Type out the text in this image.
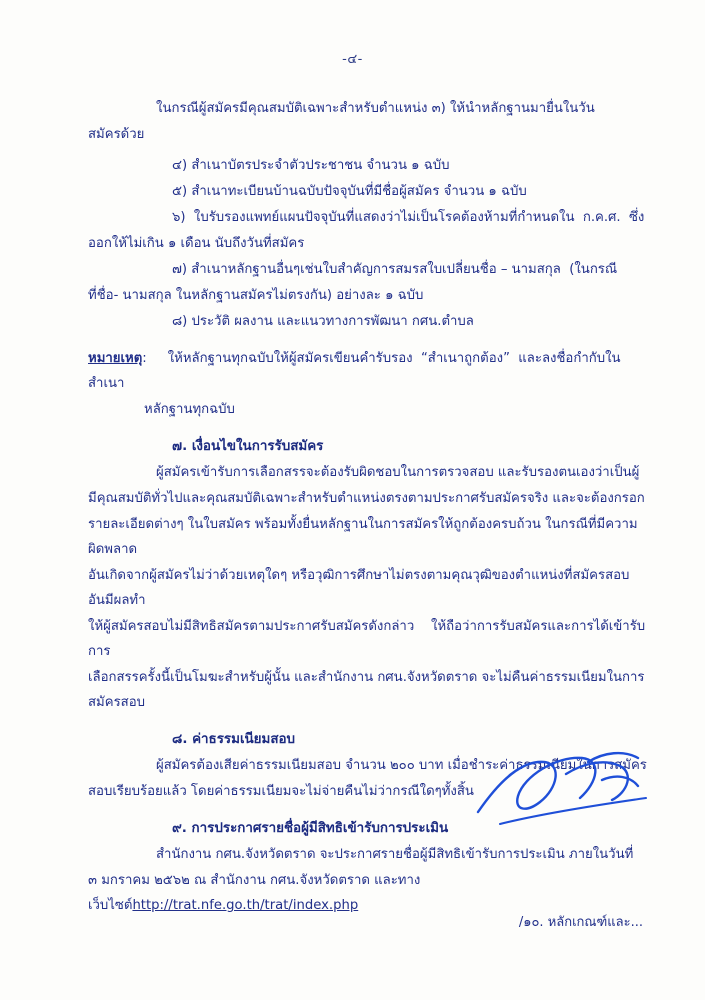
-๔-

ในกรณีผู้สมัครมีคุณสมบัติเฉพาะสำหรับตำแหน่ง ๓) ให้นำหลักฐานมายื่นในวัน

สมัครด้วย

๔) สำเนาบัตรประจำตัวประชาชน จำนวน ๑ ฉบับ

๕) สำเนาทะเบียนบ้านฉบับปัจจุบันที่มีชื่อผู้สมัคร จำนวน ๑ ฉบับ

๖)  ใบรับรองแพทย์แผนปัจจุบันที่แสดงว่าไม่เป็นโรคต้องห้ามที่กำหนดใน  ก.ค.ศ.  ซึ่ง

ออกให้ไม่เกิน ๑ เดือน นับถึงวันที่สมัคร

๗) สำเนาหลักฐานอื่นๆเช่นใบสำคัญการสมรสใบเปลี่ยนชื่อ – นามสกุล  (ในกรณี

ที่ชื่อ- นามสกุล ในหลักฐานสมัครไม่ตรงกัน) อย่างละ ๑ ฉบับ

๘) ประวัติ ผลงาน และแนวทางการพัฒนา กศน.ตำบล

หมายเหตุ:     ให้หลักฐานทุกฉบับให้ผู้สมัครเขียนคำรับรอง  “สำเนาถูกต้อง”  และลงชื่อกำกับในสำเนา

หลักฐานทุกฉบับ

๗. เงื่อนไขในการรับสมัคร

ผู้สมัครเข้ารับการเลือกสรรจะต้องรับผิดชอบในการตรวจสอบ และรับรองตนเองว่าเป็นผู้

มีคุณสมบัติทั่วไปและคุณสมบัติเฉพาะสำหรับตำแหน่งตรงตามประกาศรับสมัครจริง และจะต้องกรอก

รายละเอียดต่างๆ ในใบสมัคร พร้อมทั้งยื่นหลักฐานในการสมัครให้ถูกต้องครบถ้วน ในกรณีที่มีความผิดพลาด

อันเกิดจากผู้สมัครไม่ว่าด้วยเหตุใดๆ หรือวุฒิการศึกษาไม่ตรงตามคุณวุฒิของตำแหน่งที่สมัครสอบ อันมีผลทำ

ให้ผู้สมัครสอบไม่มีสิทธิสมัครตามประกาศรับสมัครดังกล่าว    ให้ถือว่าการรับสมัครและการได้เข้ารับการ

เลือกสรรครั้งนี้เป็นโมฆะสำหรับผู้นั้น และสำนักงาน กศน.จังหวัดตราด จะไม่คืนค่าธรรมเนียมในการสมัครสอบ

๘. ค่าธรรมเนียมสอบ

ผู้สมัครต้องเสียค่าธรรมเนียมสอบ จำนวน ๒๐๐ บาท เมื่อชำระค่าธรรมเนียมในการสมัคร

สอบเรียบร้อยแล้ว โดยค่าธรรมเนียมจะไม่จ่ายคืนไม่ว่ากรณีใดๆทั้งสิ้น

๙. การประกาศรายชื่อผู้มีสิทธิเข้ารับการประเมิน

สำนักงาน กศน.จังหวัดตราด จะประกาศรายชื่อผู้มีสิทธิเข้ารับการประเมิน ภายในวันที่

๓ มกราคม ๒๕๖๒ ณ สำนักงาน กศน.จังหวัดตราด และทางเว็บไซต์http://trat.nfe.go.th/trat/index.php

/๑๐. หลักเกณฑ์และ...
